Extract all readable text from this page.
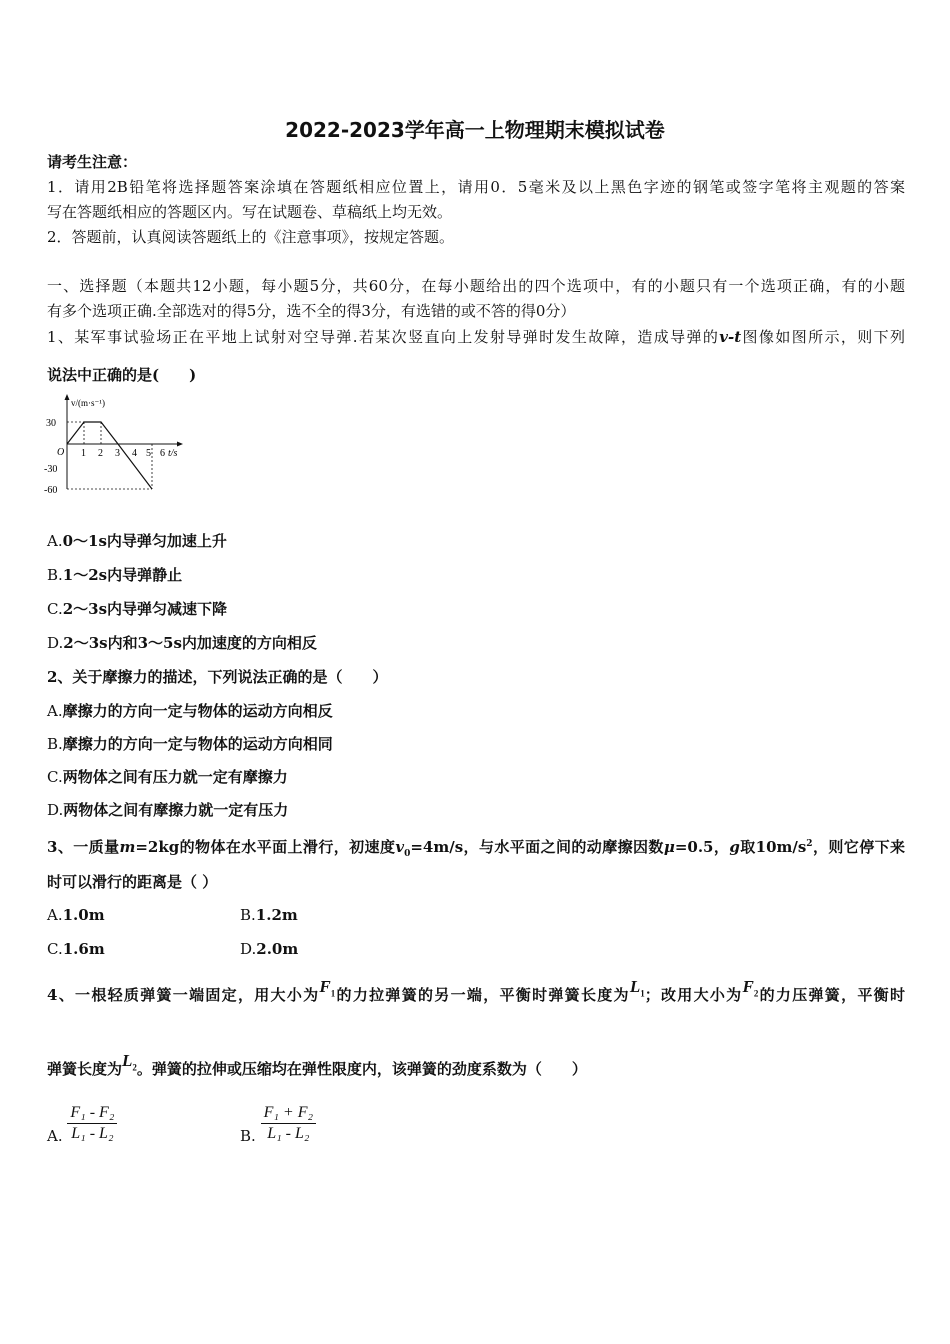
2022-2023学年高一上物理期末模拟试卷
请考生注意：
1．请用2B铅笔将选择题答案涂填在答题纸相应位置上，请用0．5毫米及以上黑色字迹的钢笔或签字笔将主观题的答案
写在答题纸相应的答题区内。写在试题卷、草稿纸上均无效。
2．答题前，认真阅读答题纸上的《注意事项》，按规定答题。
一、选择题（本题共12小题，每小题5分，共60分，在每小题给出的四个选项中，有的小题只有一个选项正确，有的小题
有多个选项正确.全部选对的得5分，选不全的得3分，有选错的或不答的得0分）
1、某军事试验场正在平地上试射对空导弹.若某次竖直向上发射导弹时发生故障，造成导弹的v-t图像如图所示，则下列
说法中正确的是(　　)
v/(m·s⁻¹)
30
-30
-60
O 1 2 3 4 5 6 t/s
A.0～1s内导弹匀加速上升
B.1～2s内导弹静止
C.2～3s内导弹匀减速下降
D.2～3s内和3～5s内加速度的方向相反
2、关于摩擦力的描述，下列说法正确的是（　　）
A.摩擦力的方向一定与物体的运动方向相反
B.摩擦力的方向一定与物体的运动方向相同
C.两物体之间有压力就一定有摩擦力
D.两物体之间有摩擦力就一定有压力
3、一质量m=2kg的物体在水平面上滑行，初速度$v_0=4m/s$，与水平面之间的动摩擦因数μ=0.5，g取$10m/s^2$，则它停下来
时可以滑行的距离是（ ）
A.1.0m	B.1.2m
C.1.6m	D.2.0m
4、一根轻质弹簧一端固定，用大小为$F_1$的力拉弹簧的另一端，平衡时弹簧长度为$L_1$；改用大小为$F_2$的力压弹簧，平衡时
弹簧长度为$L_2$。弹簧的拉伸或压缩均在弹性限度内，该弹簧的劲度系数为（　　）
A. $\frac{\text{F₁ - F₂}}{\text{L₁ - L₂}}$	B. $\frac{\text{F₁ + F₂}}{\text{L₁ - L₂}}$
